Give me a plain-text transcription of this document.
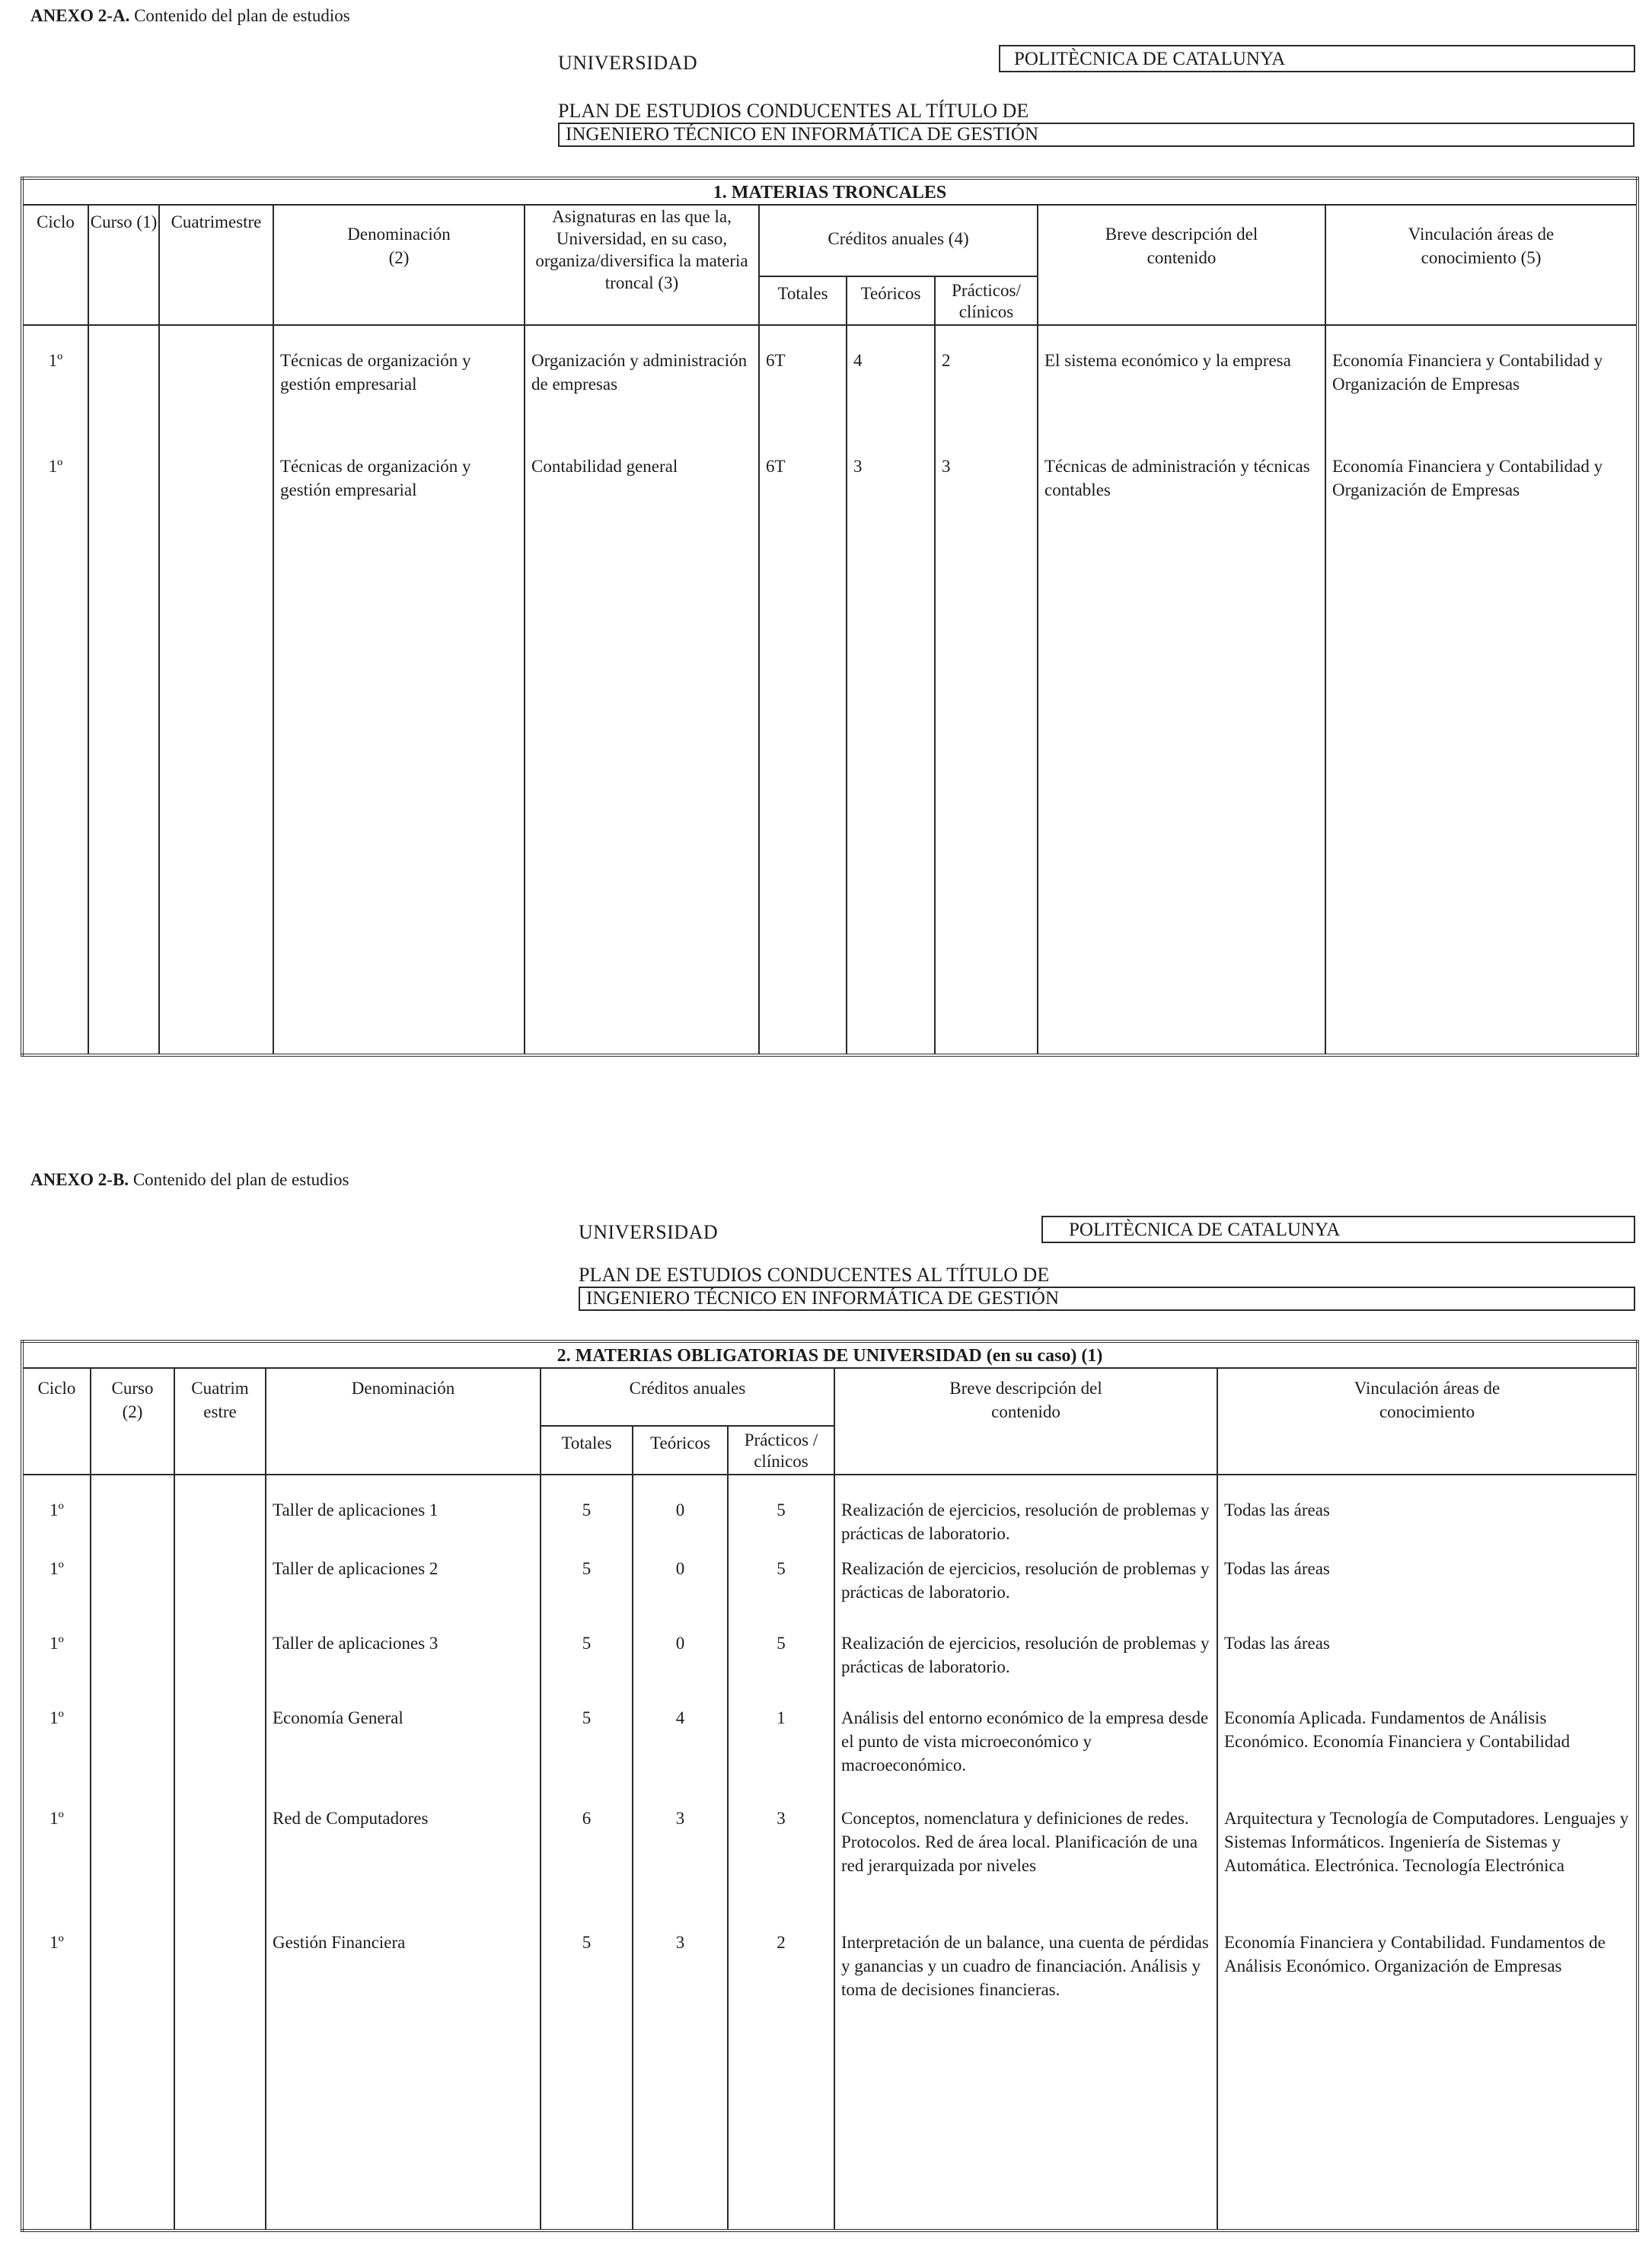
ANEXO 2-A. Contenido del plan de estudios
UNIVERSIDAD	POLITÈCNICA DE CATALUNYA
PLAN DE ESTUDIOS CONDUCENTES AL TÍTULO DE
INGENIERO TÉCNICO EN INFORMÁTICA DE GESTIÓN
1. MATERIAS TRONCALES									
Ciclo	Curso (1)	Cuatrimestre	Denominación (2)	Asignaturas en las que la, Universidad, en su caso, organiza/diversifica la materia troncal (3)	Créditos anuales (4)			Breve descripción del contenido	Vinculación áreas de conocimiento (5)
					Totales	Teóricos	Prácticos/ clínicos		
1º			Técnicas de organización y gestión empresarial	Organización y administración de empresas	6T	4	2	El sistema económico y la empresa	Economía Financiera y Contabilidad y Organización de Empresas
1º			Técnicas de organización y gestión empresarial	Contabilidad general	6T	3	3	Técnicas de administración y técnicas contables	Economía Financiera y Contabilidad y Organización de Empresas

ANEXO 2-B. Contenido del plan de estudios
UNIVERSIDAD	POLITÈCNICA DE CATALUNYA
PLAN DE ESTUDIOS CONDUCENTES AL TÍTULO DE
INGENIERO TÉCNICO EN INFORMÁTICA DE GESTIÓN
2. MATERIAS OBLIGATORIAS DE UNIVERSIDAD (en su caso) (1)								
Ciclo	Curso (2)	Cuatrim estre	Denominación	Créditos anuales			Breve descripción del contenido	Vinculación áreas de conocimiento
				Totales	Teóricos	Prácticos / clínicos		
1º			Taller de aplicaciones 1	5	0	5	Realización de ejercicios, resolución de problemas y prácticas de laboratorio.	Todas las áreas
1º			Taller de aplicaciones 2	5	0	5	Realización de ejercicios, resolución de problemas y prácticas de laboratorio.	Todas las áreas
1º			Taller de aplicaciones 3	5	0	5	Realización de ejercicios, resolución de problemas y prácticas de laboratorio.	Todas las áreas
1º			Economía General	5	4	1	Análisis del entorno económico de la empresa desde el punto de vista microeconómico y macroeconómico.	Economía Aplicada. Fundamentos de Análisis Económico. Economía Financiera y Contabilidad
1º			Red de Computadores	6	3	3	Conceptos, nomenclatura y definiciones de redes. Protocolos. Red de área local. Planificación de una red jerarquizada por niveles	Arquitectura y Tecnología de Computadores. Lenguajes y Sistemas Informáticos. Ingeniería de Sistemas y Automática. Electrónica. Tecnología Electrónica
1º			Gestión Financiera	5	3	2	Interpretación de un balance, una cuenta de pérdidas y ganancias y un cuadro de financiación. Análisis y toma de decisiones financieras.	Economía Financiera y Contabilidad. Fundamentos de Análisis Económico. Organización de Empresas
